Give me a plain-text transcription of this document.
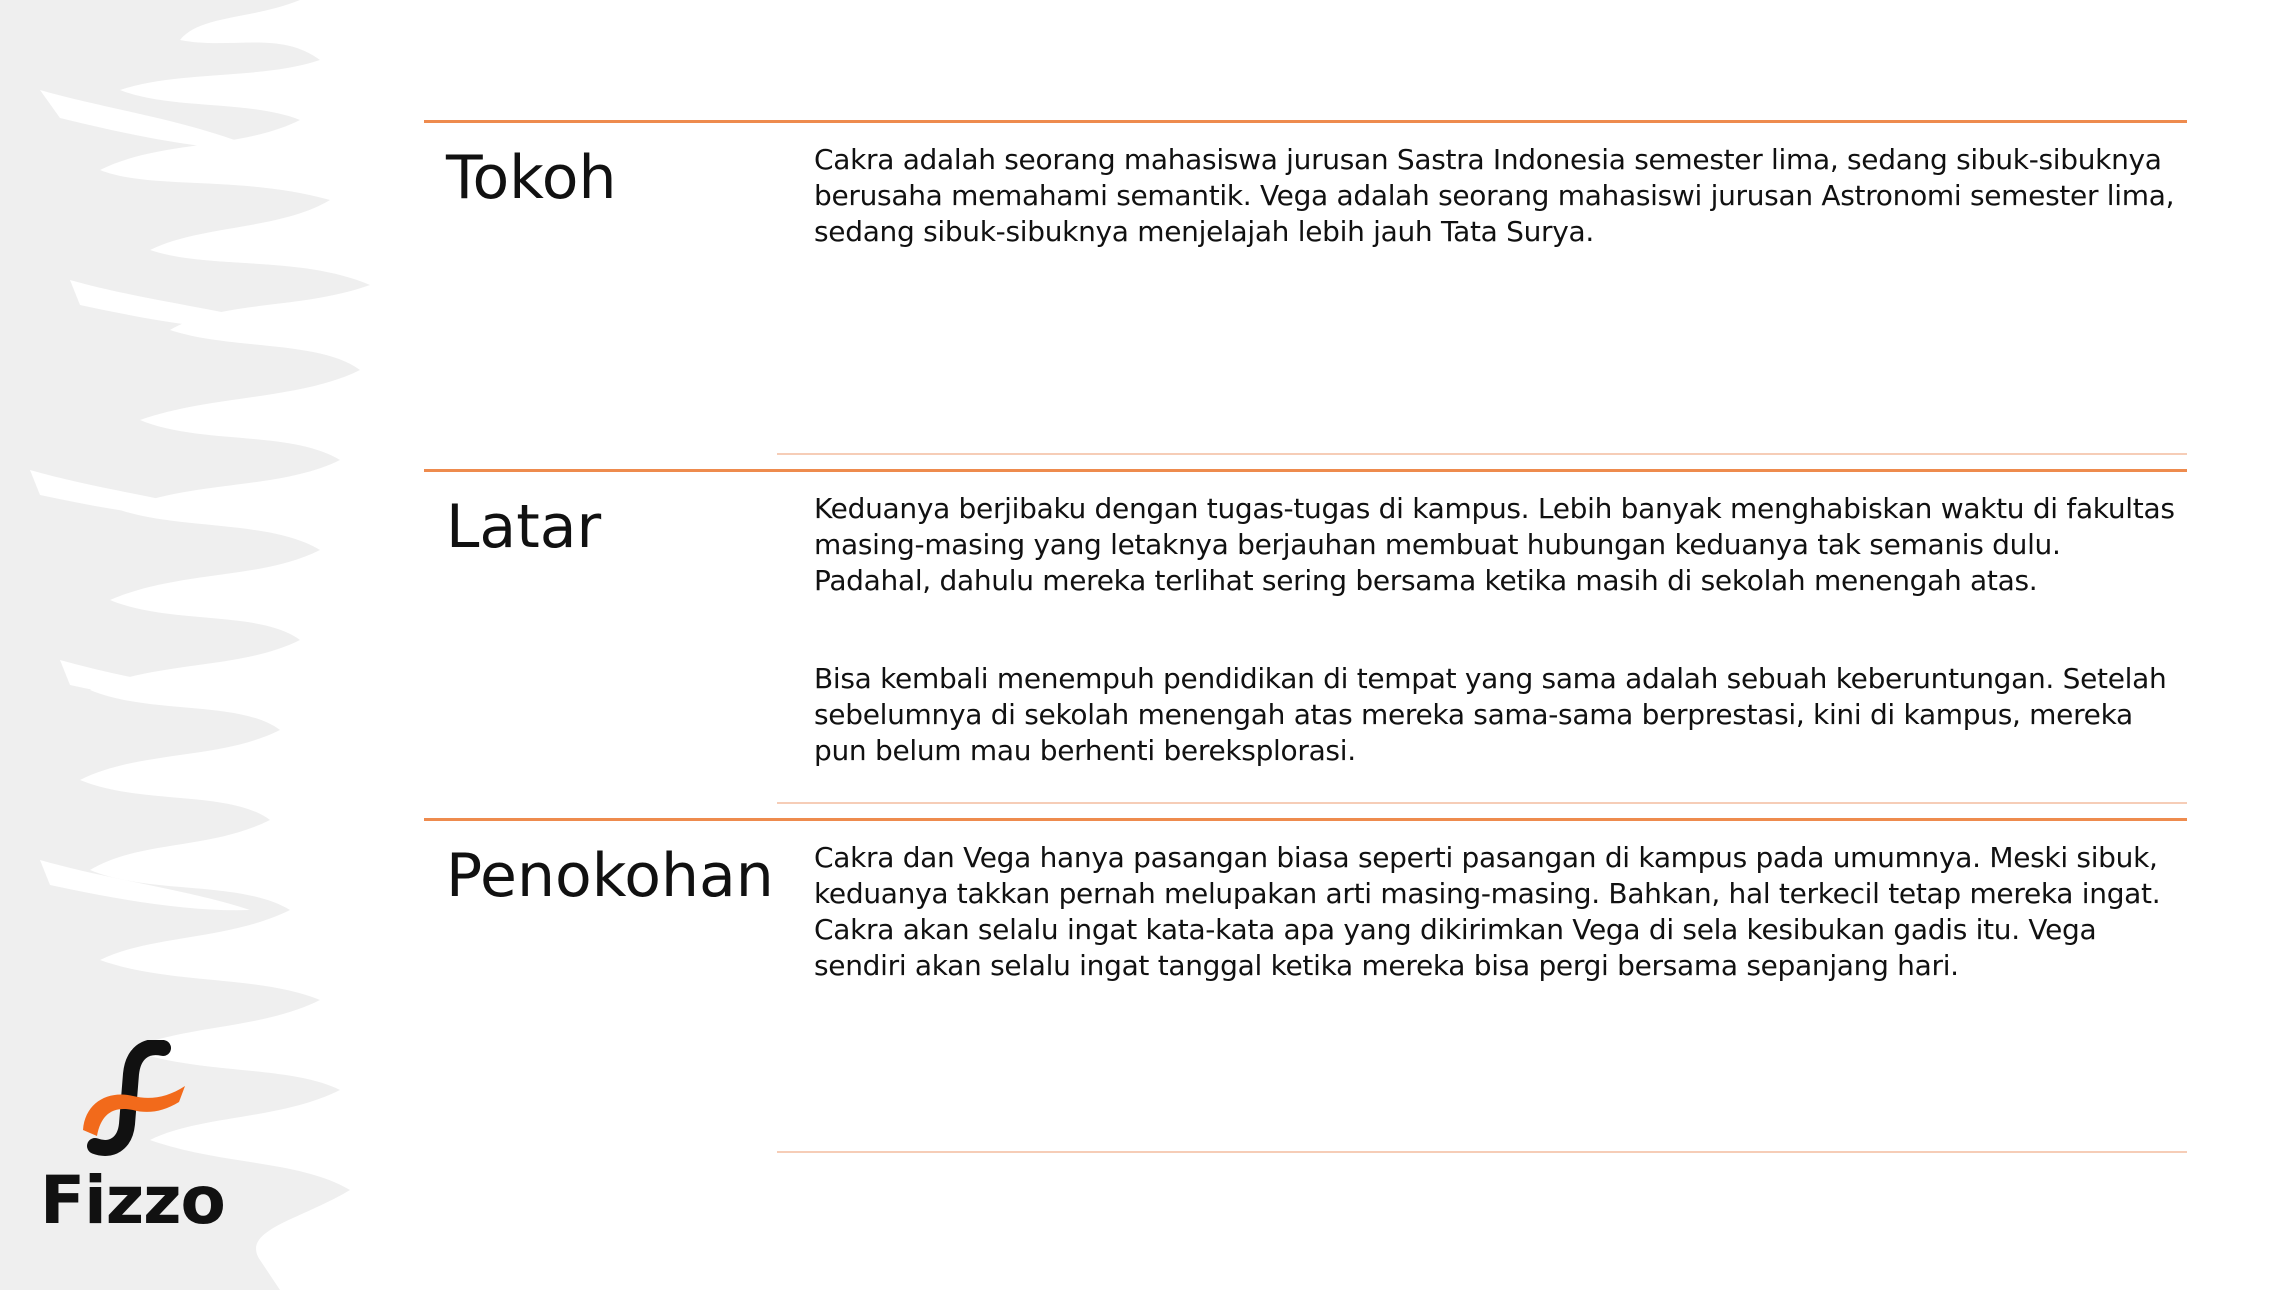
Fizzo

Tokoh	Cakra adalah seorang mahasiswa jurusan Sastra Indonesia semester lima, sedang sibuk-sibuknya berusaha memahami semantik. Vega adalah seorang mahasiswi jurusan Astronomi semester lima, sedang sibuk-sibuknya menjelajah lebih jauh Tata Surya.

Latar	Keduanya berjibaku dengan tugas-tugas di kampus. Lebih banyak menghabiskan waktu di fakultas masing-masing yang letaknya berjauhan membuat hubungan keduanya tak semanis dulu. Padahal, dahulu mereka terlihat sering bersama ketika masih di sekolah menengah atas.

Bisa kembali menempuh pendidikan di tempat yang sama adalah sebuah keberuntungan. Setelah sebelumnya di sekolah menengah atas mereka sama-sama berprestasi, kini di kampus, mereka pun belum mau berhenti bereksplorasi.

Penokohan Cakra dan Vega hanya pasangan biasa seperti pasangan di kampus pada umumnya. Meski sibuk, keduanya takkan pernah melupakan arti masing-masing. Bahkan, hal terkecil tetap mereka ingat. Cakra akan selalu ingat kata-kata apa yang dikirimkan Vega di sela kesibukan gadis itu. Vega sendiri akan selalu ingat tanggal ketika mereka bisa pergi bersama sepanjang hari.
